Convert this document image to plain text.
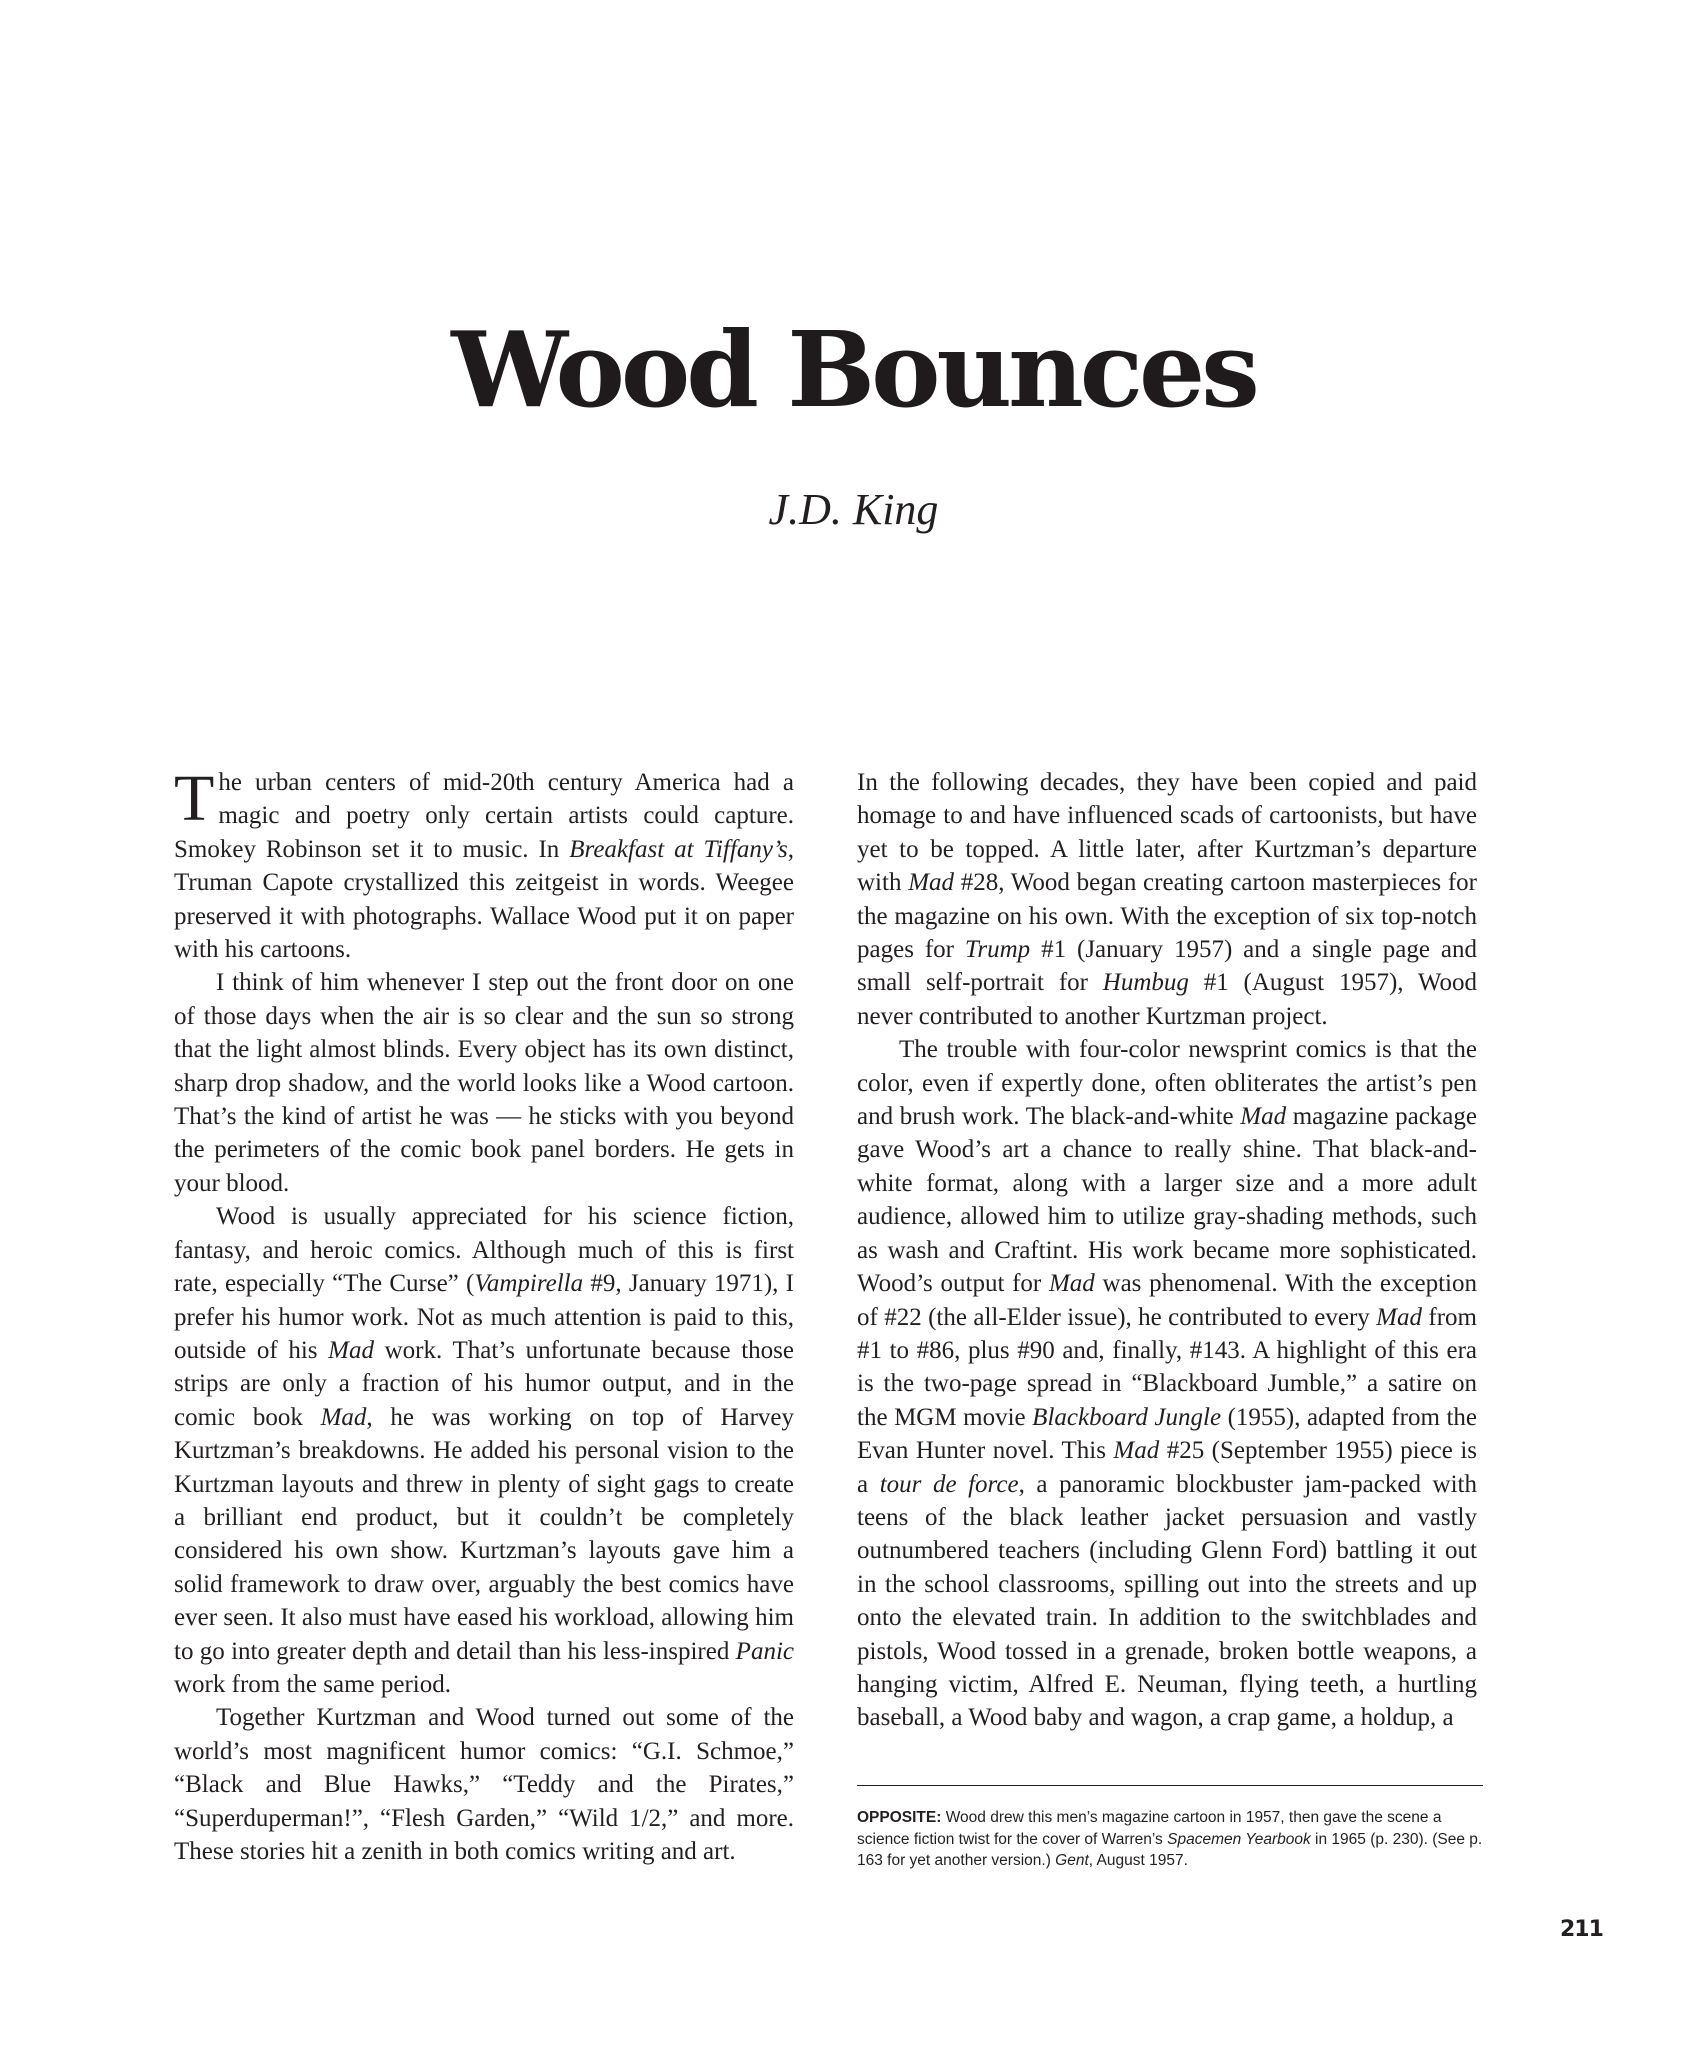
Wood Bounces
J.D. King

The urban centers of mid-20th century America had a magic and poetry only certain artists could capture. Smokey Robinson set it to music. In Breakfast at Tiffany’s, Truman Capote crystallized this zeitgeist in words. Weegee preserved it with photographs. Wallace Wood put it on paper with his cartoons.

I think of him whenever I step out the front door on one of those days when the air is so clear and the sun so strong that the light almost blinds. Every object has its own distinct, sharp drop shadow, and the world looks like a Wood cartoon. That’s the kind of artist he was — he sticks with you beyond the perimeters of the comic book panel borders. He gets in your blood.

Wood is usually appreciated for his science fiction, fantasy, and heroic comics. Although much of this is first rate, especially “The Curse” (Vampirella #9, January 1971), I prefer his humor work. Not as much attention is paid to this, outside of his Mad work. That’s unfortunate because those strips are only a fraction of his humor output, and in the comic book Mad, he was working on top of Harvey Kurtzman’s breakdowns. He added his personal vision to the Kurtzman layouts and threw in plenty of sight gags to create a brilliant end product, but it couldn’t be completely considered his own show. Kurtzman’s layouts gave him a solid framework to draw over, arguably the best comics have ever seen. It also must have eased his workload, allowing him to go into greater depth and detail than his less-inspired Panic work from the same period.

Together Kurtzman and Wood turned out some of the world’s most magnificent humor comics: “G.I. Schmoe,” “Black and Blue Hawks,” “Teddy and the Pirates,” “Superduperman!”, “Flesh Garden,” “Wild 1/2,” and more. These stories hit a zenith in both comics writing and art.

In the following decades, they have been copied and paid homage to and have influenced scads of cartoonists, but have yet to be topped. A little later, after Kurtzman’s departure with Mad #28, Wood began creating cartoon masterpieces for the magazine on his own. With the exception of six top-notch pages for Trump #1 (January 1957) and a single page and small self-portrait for Humbug #1 (August 1957), Wood never contributed to another Kurtzman project.

The trouble with four-color newsprint comics is that the color, even if expertly done, often obliterates the artist’s pen and brush work. The black-and-white Mad magazine package gave Wood’s art a chance to really shine. That black-and-white format, along with a larger size and a more adult audience, allowed him to utilize gray-shading methods, such as wash and Craftint. His work became more sophisticated. Wood’s output for Mad was phenomenal. With the exception of #22 (the all-Elder issue), he contributed to every Mad from #1 to #86, plus #90 and, finally, #143. A highlight of this era is the two-page spread in “Blackboard Jumble,” a satire on the MGM movie Blackboard Jungle (1955), adapted from the Evan Hunter novel. This Mad #25 (September 1955) piece is a tour de force, a panoramic blockbuster jam-packed with teens of the black leather jacket persuasion and vastly outnumbered teachers (including Glenn Ford) battling it out in the school classrooms, spilling out into the streets and up onto the elevated train. In addition to the switchblades and pistols, Wood tossed in a grenade, broken bottle weapons, a hanging victim, Alfred E. Neuman, flying teeth, a hurtling baseball, a Wood baby and wagon, a crap game, a holdup, a

OPPOSITE: Wood drew this men’s magazine cartoon in 1957, then gave the scene a science fiction twist for the cover of Warren’s Spacemen Yearbook in 1965 (p. 230). (See p. 163 for yet another version.) Gent, August 1957.
211
